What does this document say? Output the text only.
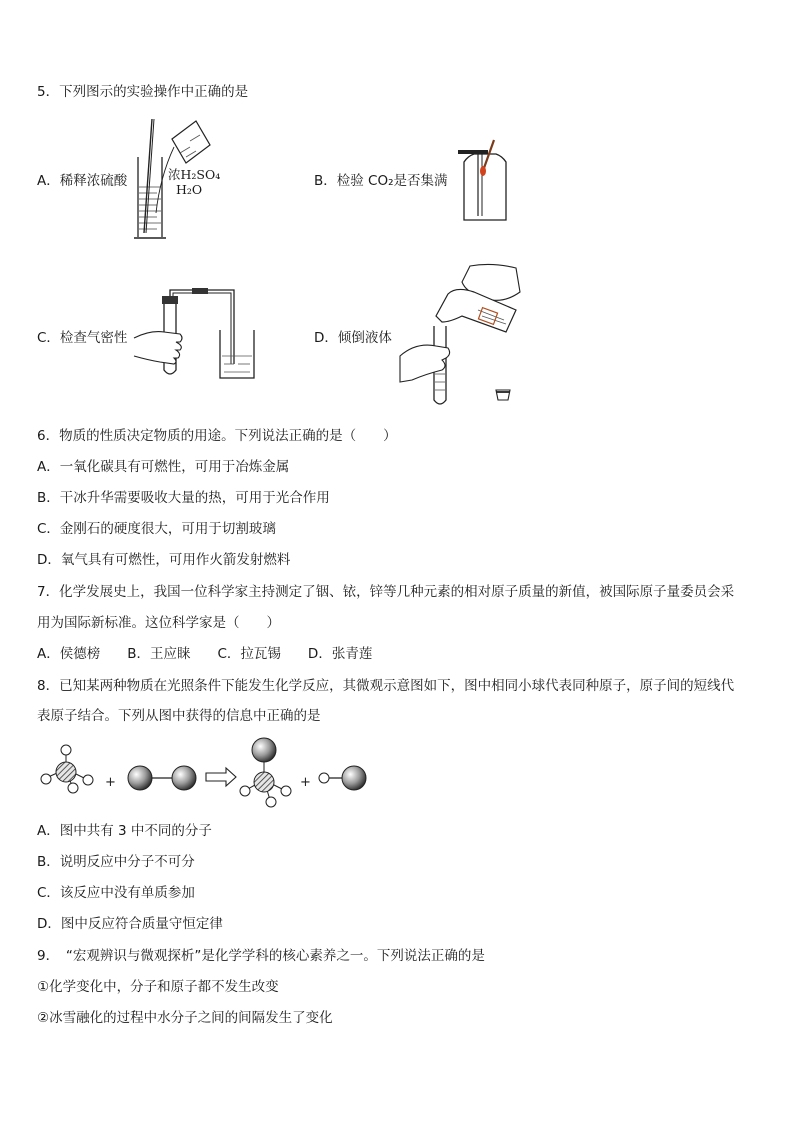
5．下列图示的实验操作中正确的是
A．稀释浓硫酸	浓H₂SO₄
H₂O
B．检验 CO₂是否集满
C．检查气密性	D．倾倒液体
6．物质的性质决定物质的用途。下列说法正确的是（　　）
A．一氧化碳具有可燃性，可用于冶炼金属
B．干冰升华需要吸收大量的热，可用于光合作用
C．金刚石的硬度很大，可用于切割玻璃
D．氧气具有可燃性，可用作火箭发射燃料
7．化学发展史上，我国一位科学家主持测定了铟、铱，锌等几种元素的相对原子质量的新值，被国际原子量委员会采
用为国际新标准。这位科学家是（　　）
A．侯德榜　　B．王应睐　　C．拉瓦锡　　D．张青莲
8．已知某两种物质在光照条件下能发生化学反应，其微观示意图如下，图中相同小球代表同种原子，原子间的短线代
表原子结合。下列从图中获得的信息中正确的是
+	+
A．图中共有 3 中不同的分子
B．说明反应中分子不可分
C．该反应中没有单质参加
D．图中反应符合质量守恒定律
9．　“宏观辨识与微观探析”是化学学科的核心素养之一。下列说法正确的是
①化学变化中，分子和原子都不发生改变
②冰雪融化的过程中水分子之间的间隔发生了变化
